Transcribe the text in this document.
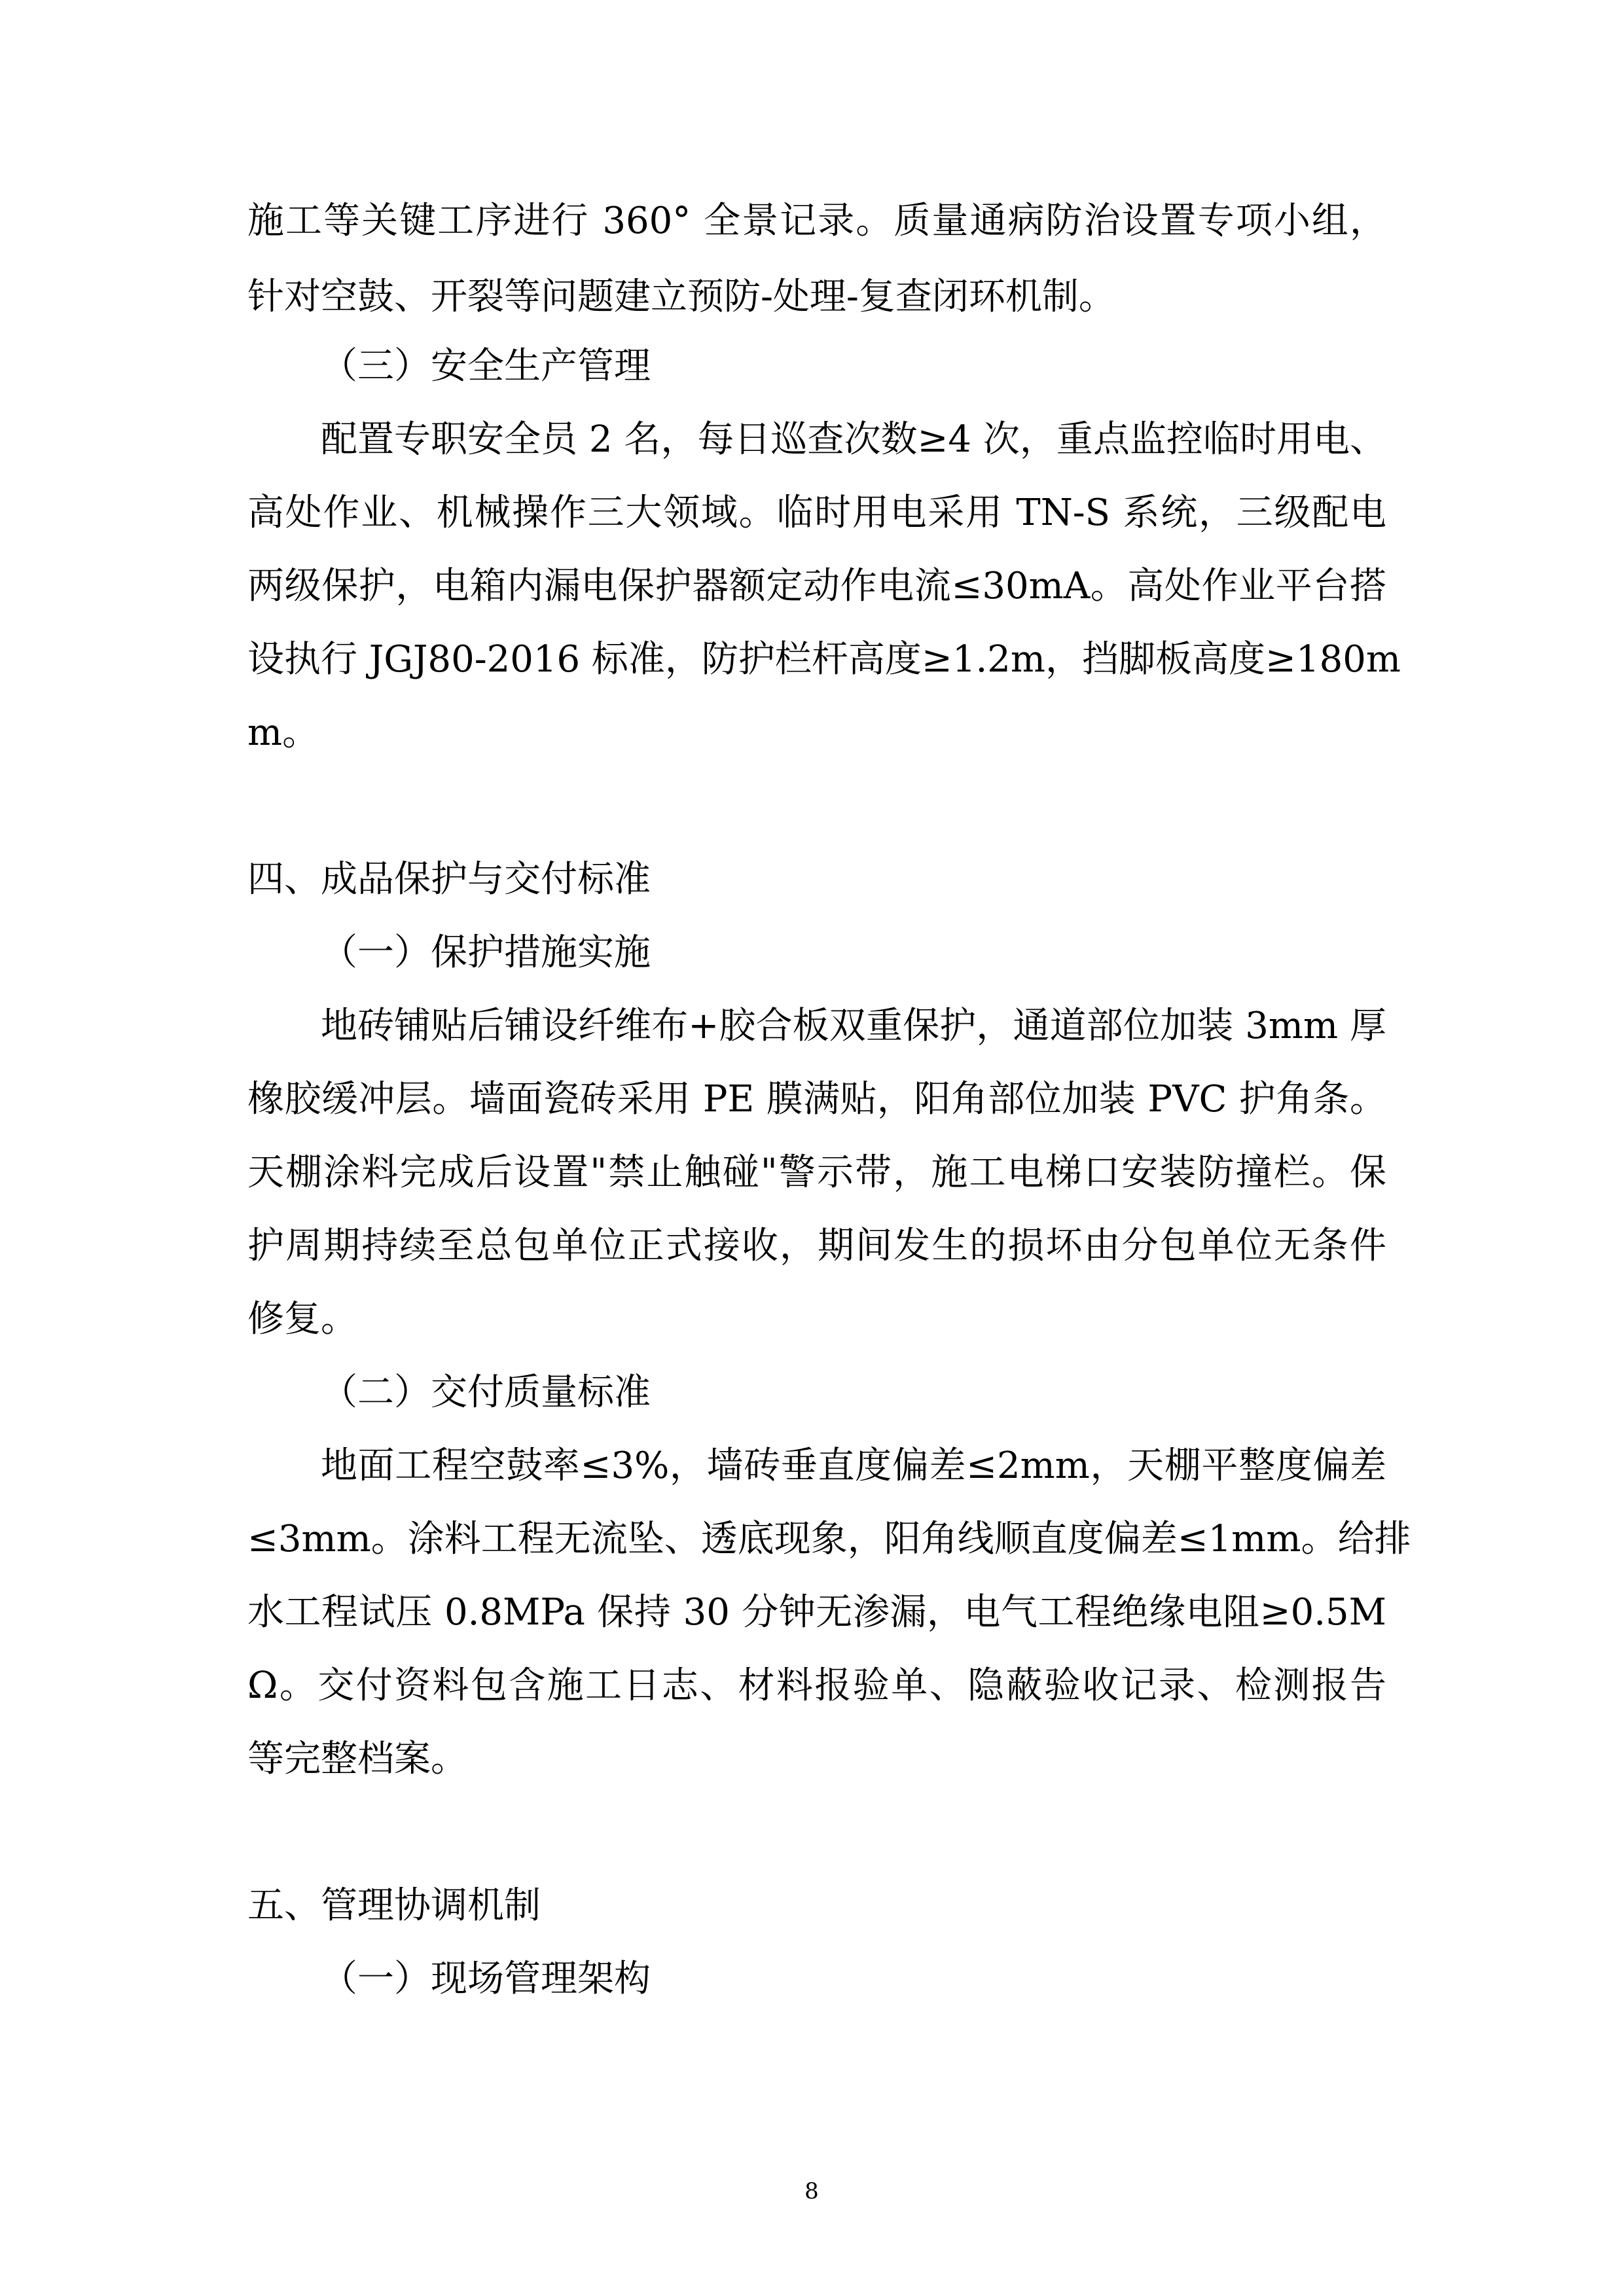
施工等关键工序进行 360° 全景记录。质量通病防治设置专项小组，
针对空鼓、开裂等问题建立预防-处理-复查闭环机制。
（三）安全生产管理
配置专职安全员 2 名，每日巡查次数≥4 次，重点监控临时用电、
高处作业、机械操作三大领域。临时用电采用 TN-S 系统，三级配电
两级保护，电箱内漏电保护器额定动作电流≤30mA。高处作业平台搭
设执行 JGJ80-2016 标准，防护栏杆高度≥1.2m，挡脚板高度≥180m
m。
四、成品保护与交付标准
（一）保护措施实施
地砖铺贴后铺设纤维布+胶合板双重保护，通道部位加装 3mm 厚
橡胶缓冲层。墙面瓷砖采用 PE 膜满贴，阳角部位加装 PVC 护角条。
天棚涂料完成后设置"禁止触碰"警示带，施工电梯口安装防撞栏。保
护周期持续至总包单位正式接收，期间发生的损坏由分包单位无条件
修复。
（二）交付质量标准
地面工程空鼓率≤3%，墙砖垂直度偏差≤2mm，天棚平整度偏差
≤3mm。涂料工程无流坠、透底现象，阳角线顺直度偏差≤1mm。给排
水工程试压 0.8MPa 保持 30 分钟无渗漏，电气工程绝缘电阻≥0.5M
Ω。交付资料包含施工日志、材料报验单、隐蔽验收记录、检测报告
等完整档案。
五、管理协调机制
（一）现场管理架构
8
